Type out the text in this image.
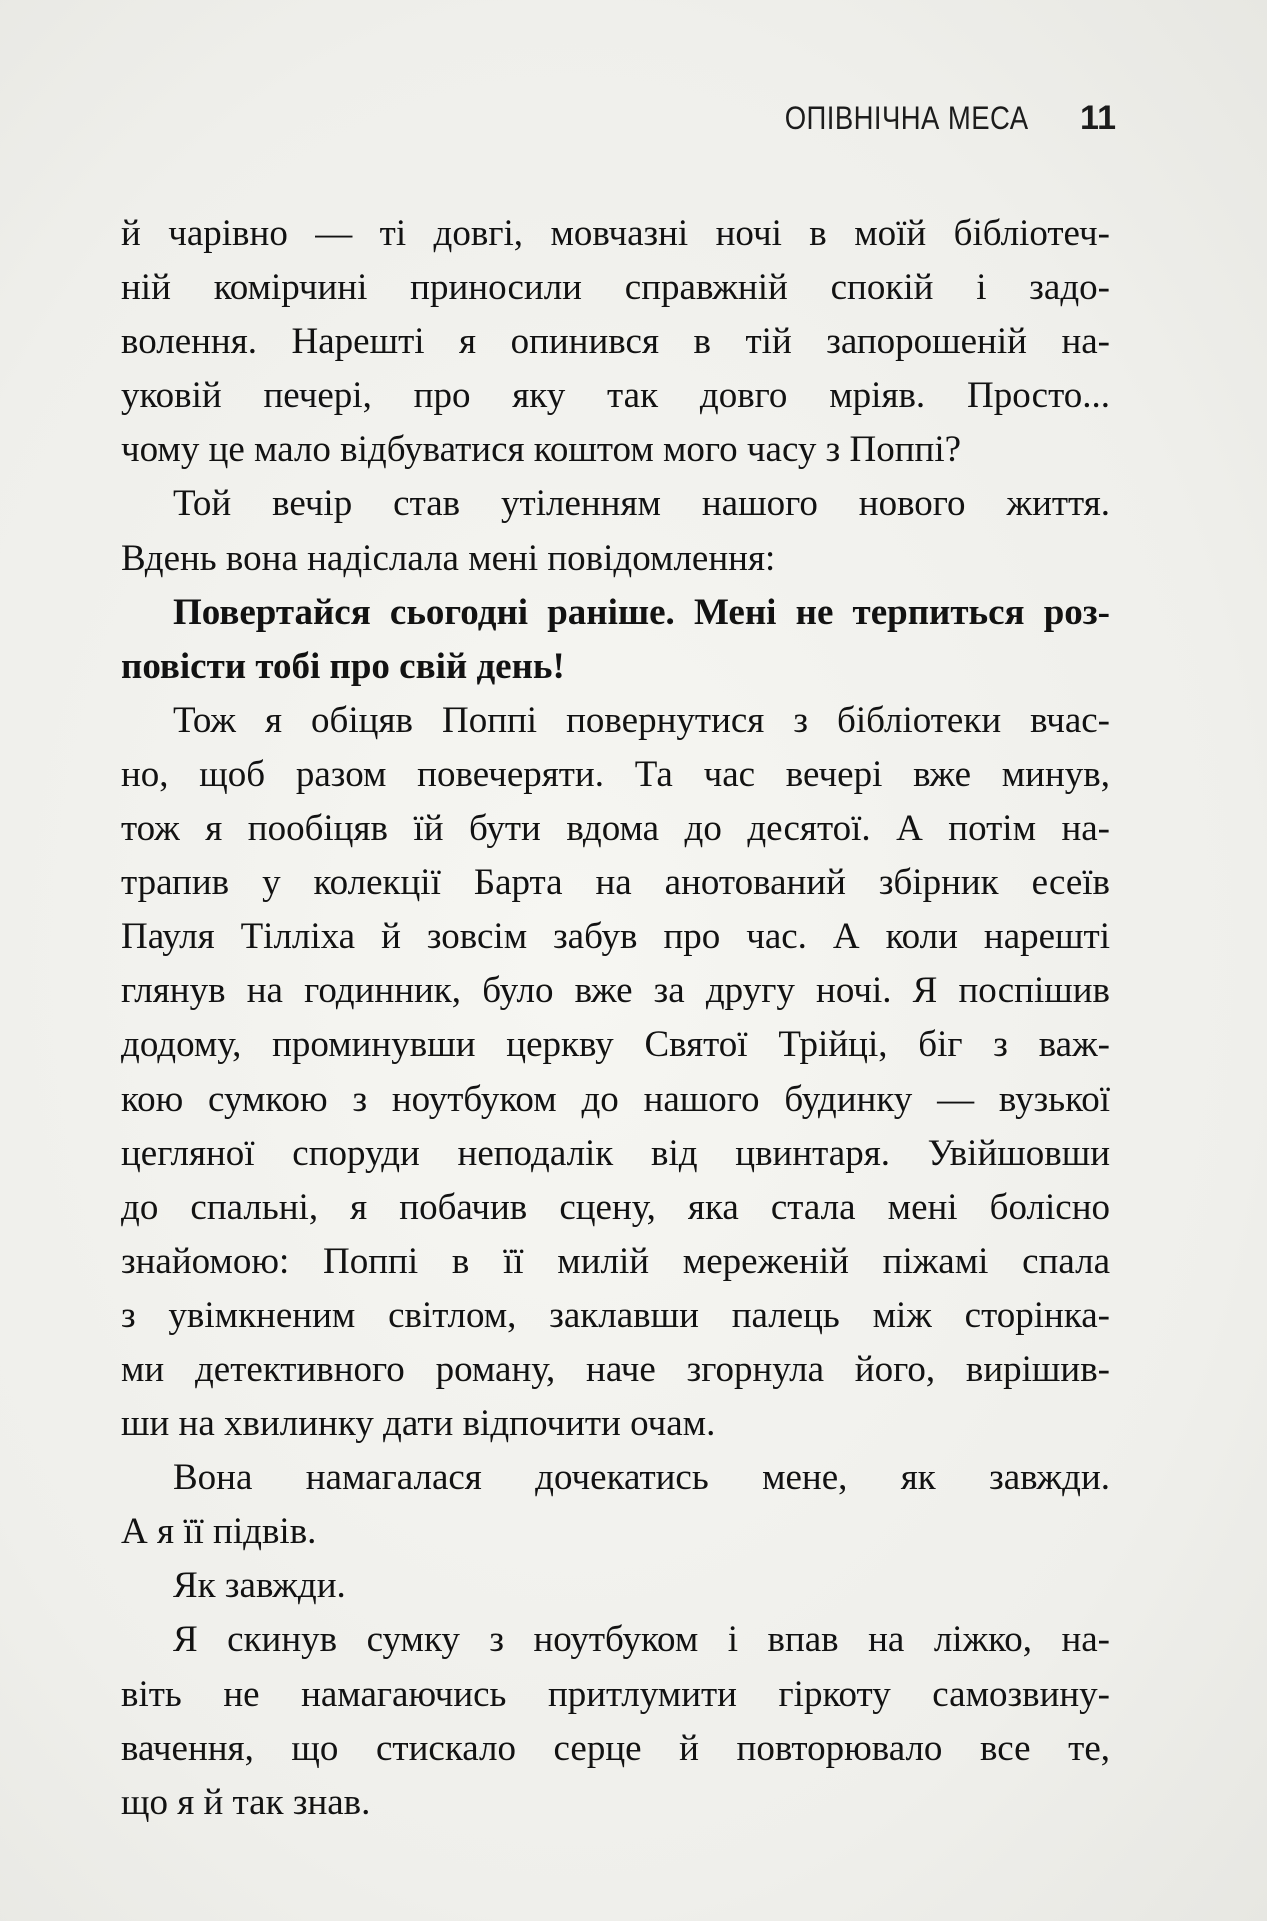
ОПІВНІЧНА МЕСА 11

й чарівно — ті довгі, мовчазні ночі в моїй бібліотеч-
ній комірчині приносили справжній спокій і задо-
волення. Нарешті я опинився в тій запорошеній на-
уковій печері, про яку так довго мріяв. Просто...
чому це мало відбуватися коштом мого часу з Поппі?

Той вечір став утіленням нашого нового життя.
Вдень вона надіслала мені повідомлення:

Повертайся сьогодні раніше. Мені не терпиться роз-
повісти тобі про свій день!

Тож я обіцяв Поппі повернутися з бібліотеки вчас-
но, щоб разом повечеряти. Та час вечері вже минув,
тож я пообіцяв їй бути вдома до десятої. А потім на-
трапив у колекції Барта на анотований збірник есеїв
Пауля Тілліха й зовсім забув про час. А коли нарешті
глянув на годинник, було вже за другу ночі. Я поспішив
додому, проминувши церкву Святої Трійці, біг з важ-
кою сумкою з ноутбуком до нашого будинку — вузької
цегляної споруди неподалік від цвинтаря. Увійшовши
до спальні, я побачив сцену, яка стала мені болісно
знайомою: Поппі в її милій мереженій піжамі спала
з увімкненим світлом, заклавши палець між сторінка-
ми детективного роману, наче згорнула його, вирішив-
ши на хвилинку дати відпочити очам.

Вона намагалася дочекатись мене, як завжди.
А я її підвів.

Як завжди.

Я скинув сумку з ноутбуком і впав на ліжко, на-
віть не намагаючись притлумити гіркоту самозвину-
вачення, що стискало серце й повторювало все те,
що я й так знав.
